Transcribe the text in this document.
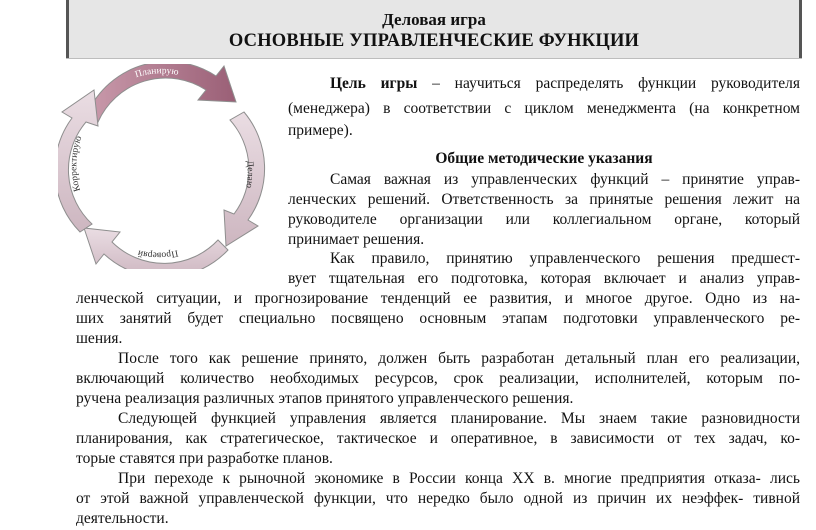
Деловая игра
ОСНОВНЫЕ УПРАВЛЕНЧЕСКИЕ ФУНКЦИИ
Планирую
Делаю
Проверяй
Корректирую
Цель игры – научиться распределять функции руководителя
(менеджера) в соответствии с циклом менеджмента (на конкретном
примере).
Общие методические указания
Самая важная из управленческих функций – принятие управ-
ленческих решений. Ответственность за принятые решения лежит на
руководителе организации или коллегиальном органе, который
принимает решения.
Как правило, принятию управленческого решения предшест-
вует тщательная его подготовка, которая включает и анализ управ-
ленческой ситуации, и прогнозирование тенденций ее развития, и многое другое. Одно из на-
ших занятий будет специально посвящено основным этапам подготовки управленческого ре-
шения.
После того как решение принято, должен быть разработан детальный план его реализации,
включающий количество необходимых ресурсов, срок реализации, исполнителей, которым по-
ручена реализация различных этапов принятого управленческого решения.
Следующей функцией управления является планирование. Мы знаем такие разновидности
планирования, как стратегическое, тактическое и оперативное, в зависимости от тех задач, ко-
торые ставятся при разработке планов.
При переходе к рыночной экономике в России конца XX в. многие предприятия отказа- лись
от этой важной управленческой функции, что нередко было одной из причин их неэффек- тивной
деятельности.
